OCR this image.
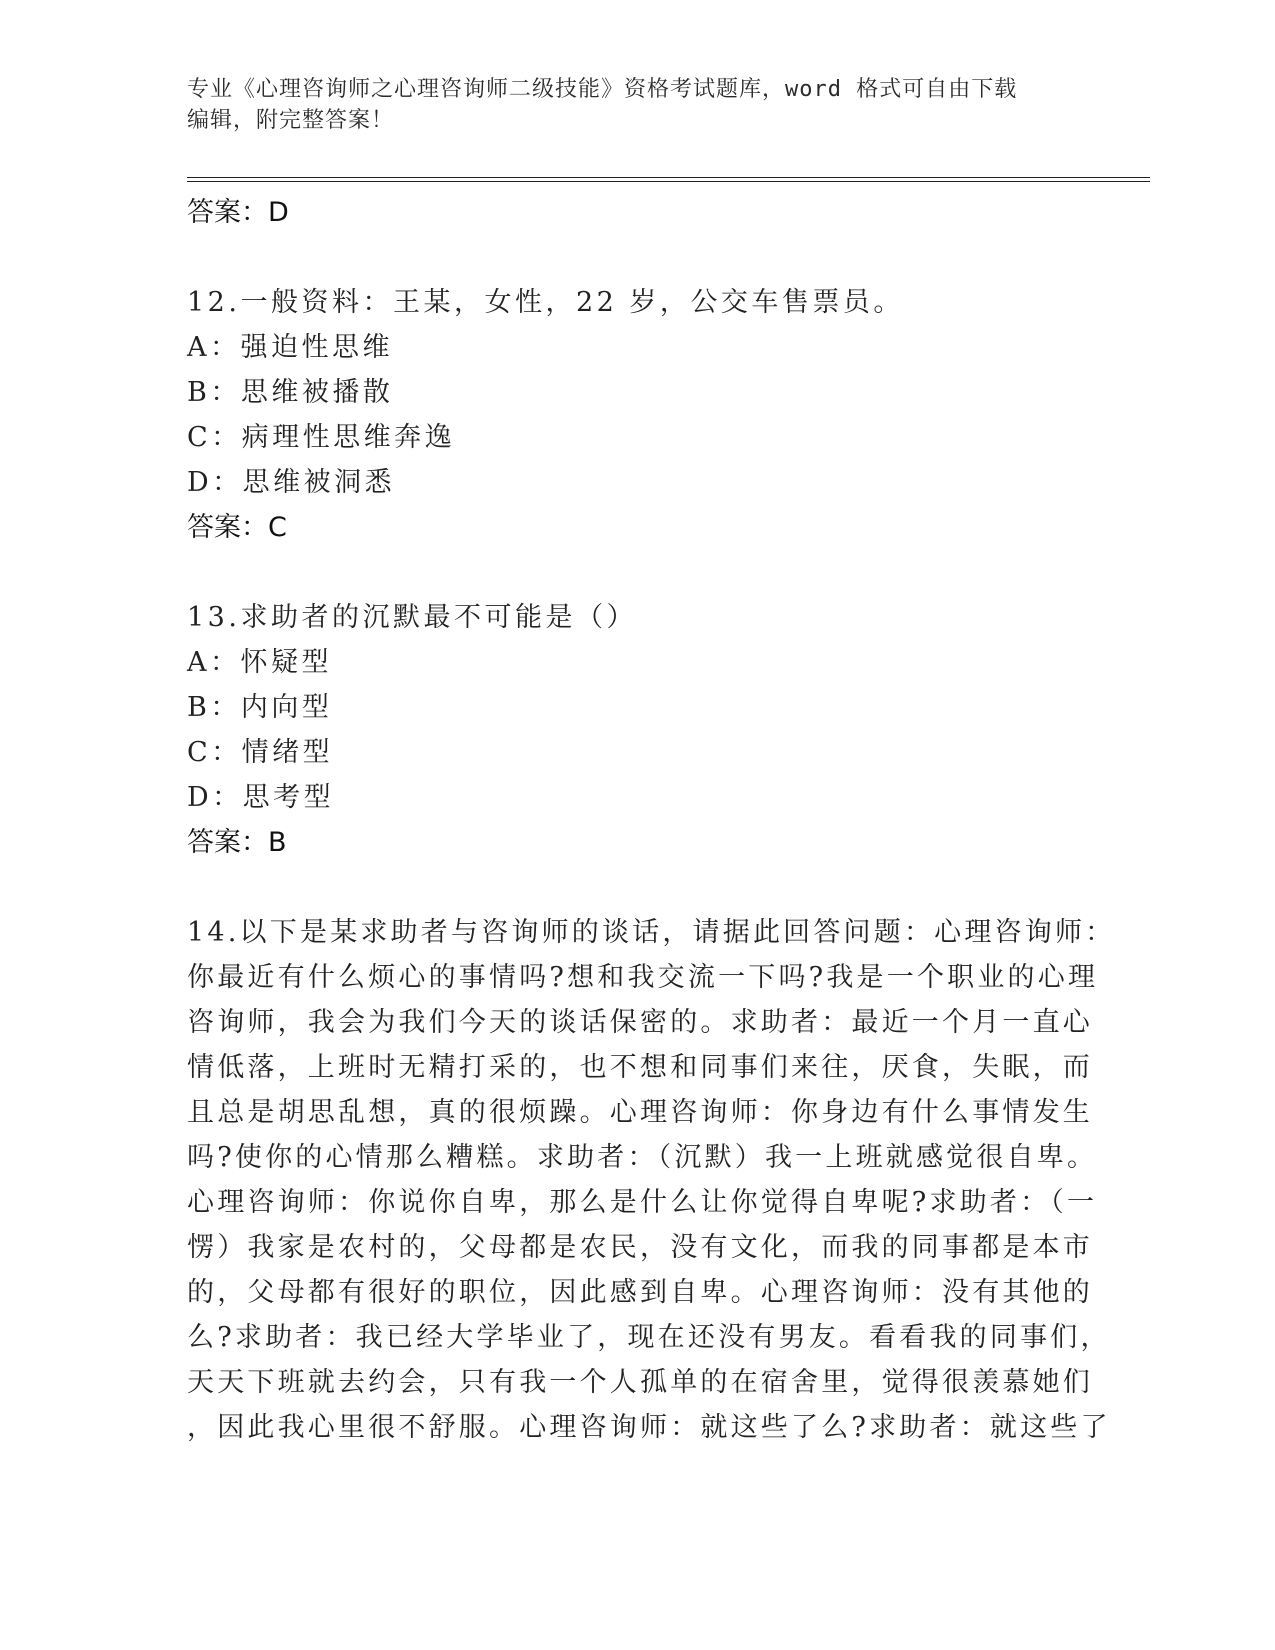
专业《心理咨询师之心理咨询师二级技能》资格考试题库，word 格式可自由下载
编辑，附完整答案！
答案：D
12.一般资料：王某，女性，22 岁，公交车售票员。
A：强迫性思维
B：思维被播散
C：病理性思维奔逸
D：思维被洞悉
答案：C
13.求助者的沉默最不可能是（）
A：怀疑型
B：内向型
C：情绪型
D：思考型
答案：B
14.以下是某求助者与咨询师的谈话，请据此回答问题：心理咨询师：
你最近有什么烦心的事情吗?想和我交流一下吗?我是一个职业的心理
咨询师，我会为我们今天的谈话保密的。求助者：最近一个月一直心
情低落，上班时无精打采的，也不想和同事们来往，厌食，失眠，而
且总是胡思乱想，真的很烦躁。心理咨询师：你身边有什么事情发生
吗?使你的心情那么糟糕。求助者：（沉默）我一上班就感觉很自卑。
心理咨询师：你说你自卑，那么是什么让你觉得自卑呢?求助者：（一
愣）我家是农村的，父母都是农民，没有文化，而我的同事都是本市
的，父母都有很好的职位，因此感到自卑。心理咨询师：没有其他的
么?求助者：我已经大学毕业了，现在还没有男友。看看我的同事们，
天天下班就去约会，只有我一个人孤单的在宿舍里，觉得很羡慕她们
，因此我心里很不舒服。心理咨询师：就这些了么?求助者：就这些了
